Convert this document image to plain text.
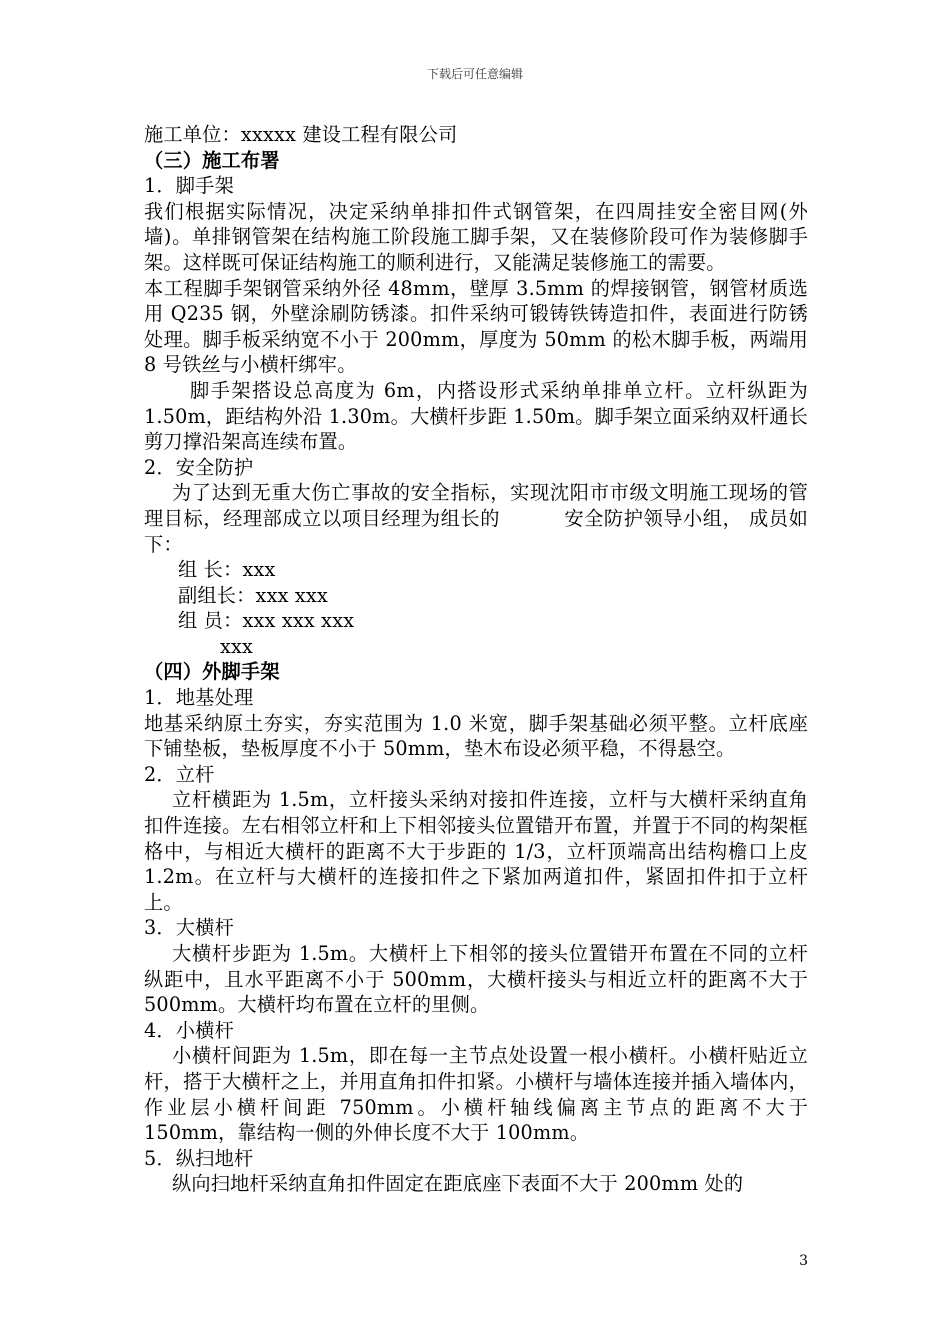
下载后可任意编辑

施工单位：xxxxx 建设工程有限公司

（三）施工布署

1．脚手架

我们根据实际情况，决定采纳单排扣件式钢管架，在四周挂安全密目网(外墙)。单排钢管架在结构施工阶段施工脚手架，又在装修阶段可作为装修脚手架。这样既可保证结构施工的顺利进行，又能满足装修施工的需要。

本工程脚手架钢管采纳外径 48mm，壁厚 3.5mm 的焊接钢管，钢管材质选用 Q235 钢，外壁涂刷防锈漆。扣件采纳可锻铸铁铸造扣件，表面进行防锈处理。脚手板采纳宽不小于 200mm，厚度为 50mm 的松木脚手板，两端用 8 号铁丝与小横杆绑牢。

脚手架搭设总高度为 6m，内搭设形式采纳单排单立杆。立杆纵距为 1.50m，距结构外沿 1.30m。大横杆步距 1.50m。脚手架立面采纳双杆通长剪刀撑沿架高连续布置。

2．安全防护

为了达到无重大伤亡事故的安全指标，实现沈阳市市级文明施工现场的管理目标，经理部成立以项目经理为组长的	安全防护领导小组， 成员如下：

组 长：xxx

副组长：xxx xxx

组 员：xxx xxx xxx

xxx

（四）外脚手架

1．地基处理

地基采纳原土夯实，夯实范围为 1.0 米宽，脚手架基础必须平整。立杆底座下铺垫板，垫板厚度不小于 50mm，垫木布设必须平稳，不得悬空。

2．立杆

立杆横距为 1.5m，立杆接头采纳对接扣件连接，立杆与大横杆采纳直角扣件连接。左右相邻立杆和上下相邻接头位置错开布置，并置于不同的构架框格中，与相近大横杆的距离不大于步距的 1/3，立杆顶端高出结构檐口上皮 1.2m。在立杆与大横杆的连接扣件之下紧加两道扣件，紧固扣件扣于立杆上。

3．大横杆

大横杆步距为 1.5m。大横杆上下相邻的接头位置错开布置在不同的立杆纵距中，且水平距离不小于 500mm，大横杆接头与相近立杆的距离不大于 500mm。大横杆均布置在立杆的里侧。

4．小横杆

小横杆间距为 1.5m，即在每一主节点处设置一根小横杆。小横杆贴近立杆，搭于大横杆之上，并用直角扣件扣紧。小横杆与墙体连接并插入墙体内，作业层小横杆间距 750mm。小横杆轴线偏离主节点的距离不大于 150mm，靠结构一侧的外伸长度不大于 100mm。

5．纵扫地杆

纵向扫地杆采纳直角扣件固定在距底座下表面不大于 200mm 处的

3
